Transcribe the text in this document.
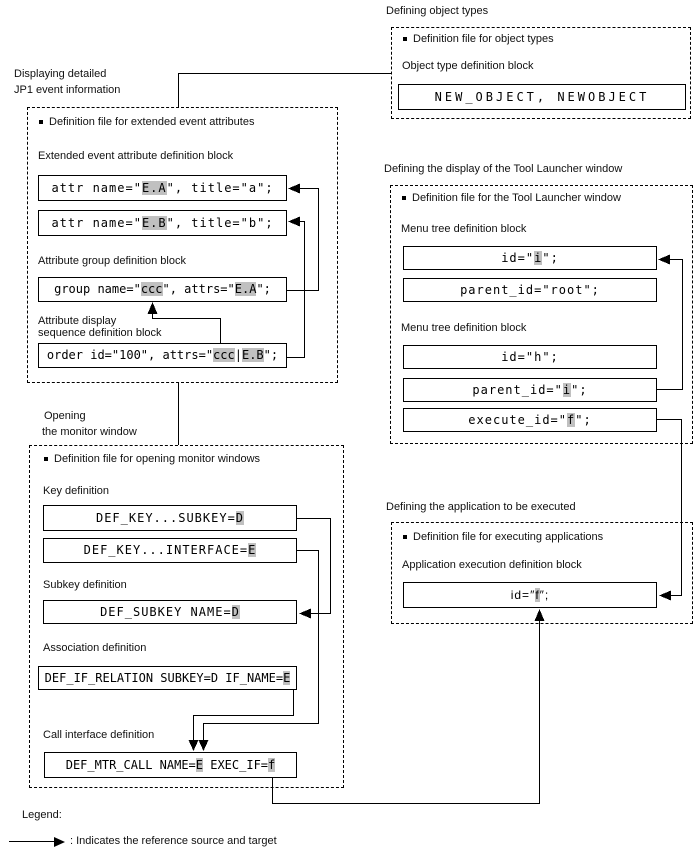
Defining object types
Definition file for object types
Object type definition block
NEW_OBJECT, NEWOBJECT
Displaying detailed
JP1 event information
Definition file for extended event attributes
Extended event attribute definition block
attr name="E.A", title="a";
attr name="E.B", title="b";
Attribute group definition block
group name="ccc", attrs="E.A";
Attribute display
sequence definition block
order id="100", attrs="ccc|E.B";
Opening
the monitor window
Definition file for opening monitor windows
Key definition
DEF_KEY...SUBKEY=D
DEF_KEY...INTERFACE=E
Subkey definition
DEF_SUBKEY NAME=D
Association definition
DEF_IF_RELATION SUBKEY=D IF_NAME=E
Call interface definition
DEF_MTR_CALL NAME=E EXEC_IF=f
Defining the display of the Tool Launcher window
Definition file for the Tool Launcher window
Menu tree definition block
id="i";
parent_id="root";
Menu tree definition block
id="h";
parent_id="i";
execute_id="f";
Defining the application to be executed
Definition file for executing applications
Application execution definition block
id=″f″;
Legend:
: Indicates the reference source and target
